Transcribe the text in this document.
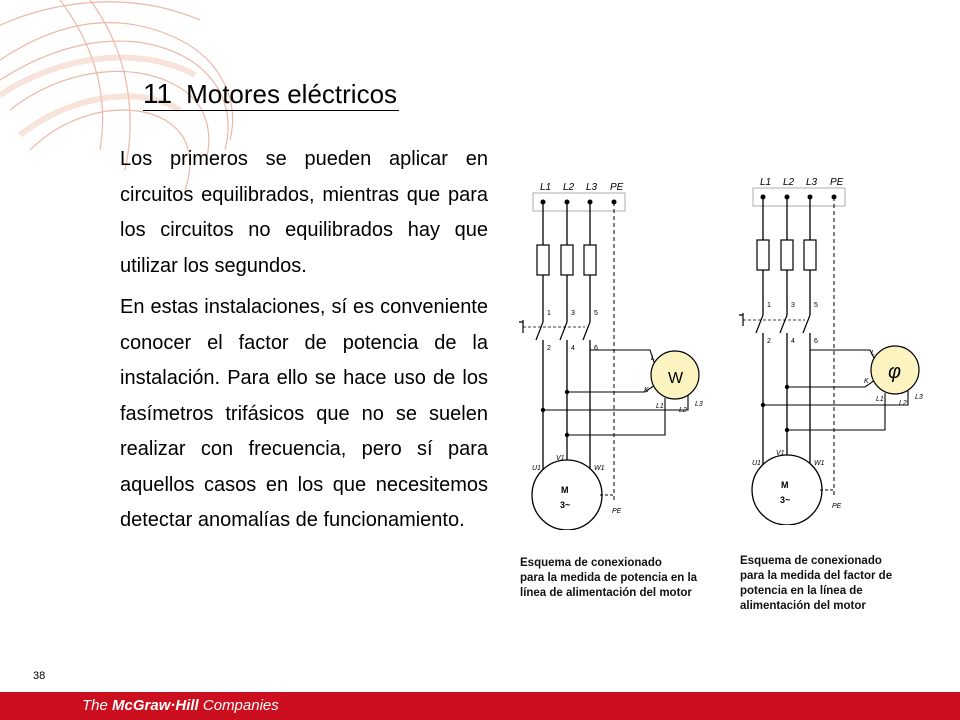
11 Motores eléctricos

Los primeros se pueden aplicar en circuitos equilibrados, mientras que para los circuitos no equilibrados hay que utilizar los segundos.

En estas instalaciones, sí es conveniente conocer el factor de potencia de la instalación. Para ello se hace uso de los fasímetros trifásicos que no se suelen realizar con frecuencia, pero sí para aquellos casos en los que necesitemos detectar anomalías de funcionamiento.

L1 L2 L3 PE
1	3	5
2	4	6
W
L
K
L1
L2
L3
M
3~
U1
V1
W1
PE
Esquema de conexionado
para la medida de potencia en la
línea de alimentación del motor
L1 L2 L3 PE
1	3	5
2	4	6
φ
L
K
L1
L2
L3
M
3~
U1
V1
W1
PE
Esquema de conexionado
para la medida del factor de
potencia en la línea de
alimentación del motor
38
The McGraw·Hill Companies
